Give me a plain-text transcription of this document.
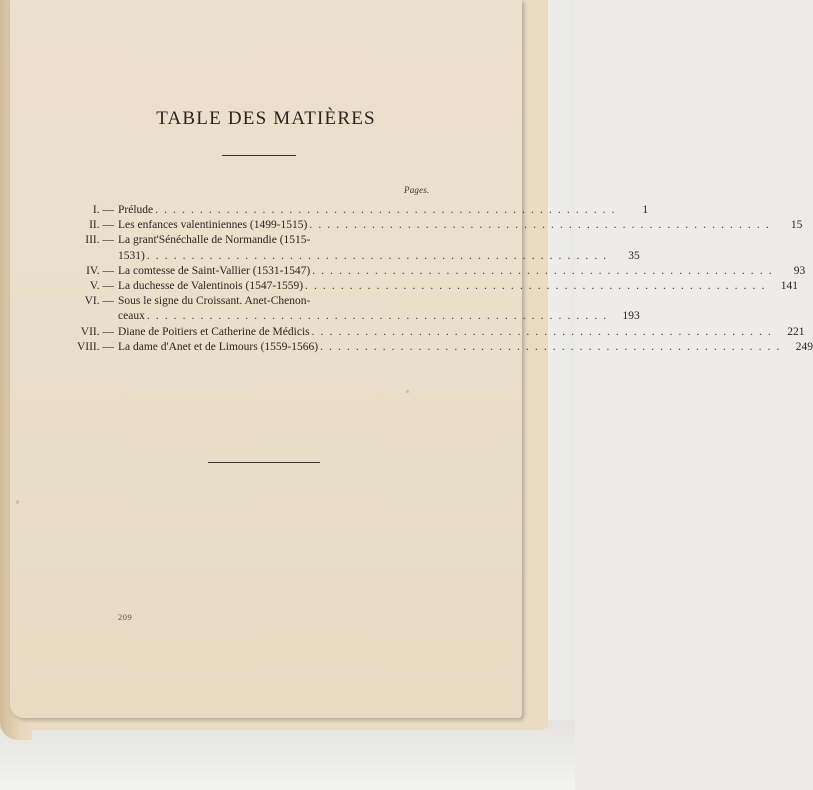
TABLE DES MATIÈRES
Pages.
I. — Prélude . . .	1
II. — Les enfances valentiniennes (1499-1515) . . .	15
III. — La grant'Sénéchalle de Normandie (1515-
1531) . . .	35
IV. — La comtesse de Saint-Vallier (1531-1547) . . .	93
V. — La duchesse de Valentinois (1547-1559) . . .	141
VI. — Sous le signe du Croissant. Anet-Chenon-
ceaux . . .	193
VII. — Diane de Poitiers et Catherine de Médicis . . .	221
VIII. — La dame d'Anet et de Limours (1559-1566) . . .	249
209
